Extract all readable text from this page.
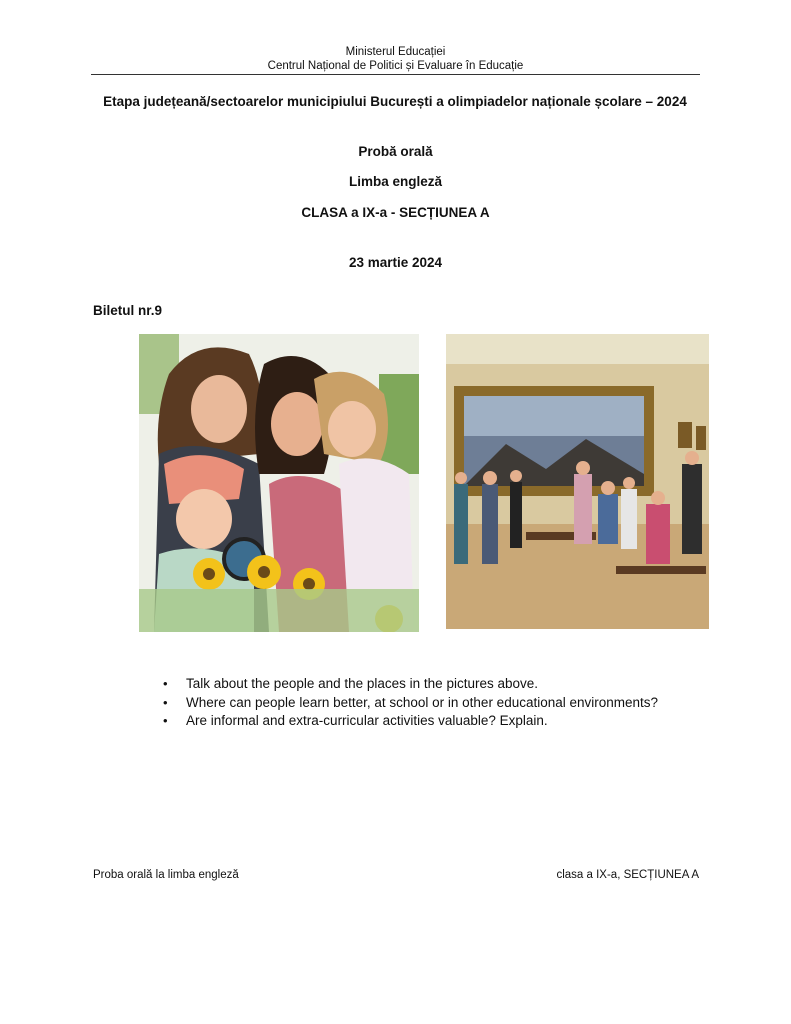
Ministerul Educației
Centrul Național de Politici și Evaluare în Educație
Etapa județeană/sectoarelor municipiului București a olimpiadelor naționale școlare – 2024
Probă orală
Limba engleză
CLASA a IX-a - SECȚIUNEA A
23 martie 2024
Biletul nr.9
• Talk about the people and the places in the pictures above.
• Where can people learn better, at school or in other educational environments?
• Are informal and extra-curricular activities valuable? Explain.
Proba orală la limba engleză	clasa a IX-a, SECȚIUNEA A
